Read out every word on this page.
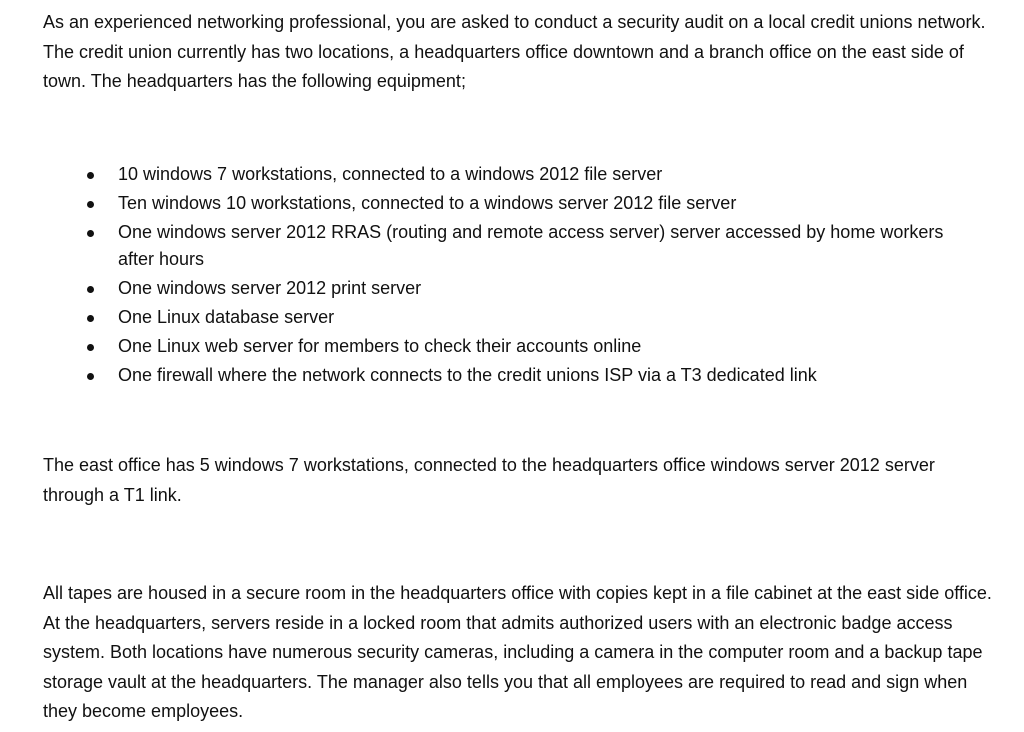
As an experienced networking professional, you are asked to conduct a security audit on a local credit unions network. The credit union currently has two locations, a headquarters office downtown and a branch office on the east side of town. The headquarters has the following equipment;

10 windows 7 workstations, connected to a windows 2012 file server
Ten windows 10 workstations, connected to a windows server 2012 file server
One windows server 2012 RRAS (routing and remote access server) server accessed by home workers after hours
One windows server 2012 print server
One Linux database server
One Linux web server for members to check their accounts online
One firewall where the network connects to the credit unions ISP via a T3 dedicated link

The east office has 5 windows 7 workstations, connected to the headquarters office windows server 2012 server through a T1 link.

All tapes are housed in a secure room in the headquarters office with copies kept in a file cabinet at the east side office. At the headquarters, servers reside in a locked room that admits authorized users with an electronic badge access system. Both locations have numerous security cameras, including a camera in the computer room and a backup tape storage vault at the headquarters. The manager also tells you that all employees are required to read and sign when they become employees.
